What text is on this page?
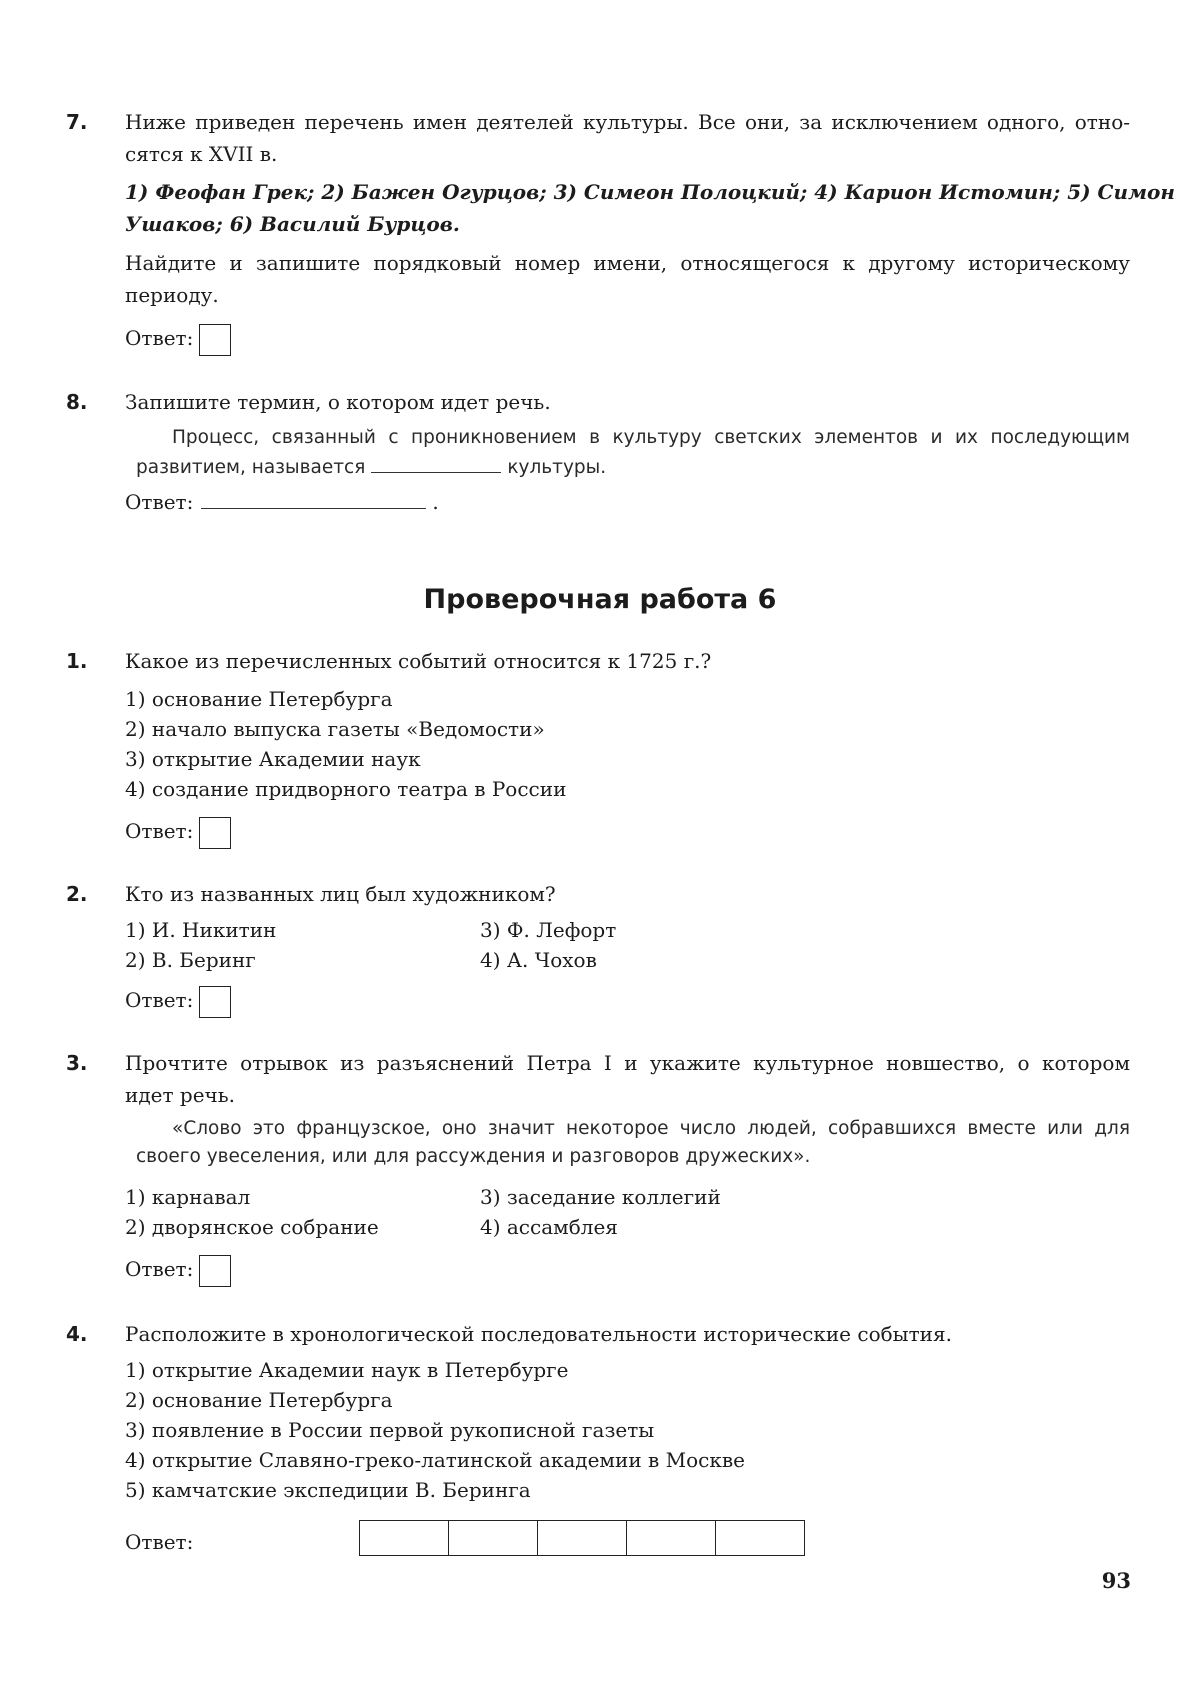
7. Ниже приведен перечень имен деятелей культуры. Все они, за исключением одного, отно-
сятся к XVII в.
1) Феофан Грек; 2) Бажен Огурцов; 3) Симеон Полоцкий; 4) Карион Истомин; 5) Симон
Ушаков; 6) Василий Бурцов.
Найдите и запишите порядковый номер имени, относящегося к другому историческому
периоду.
Ответ:
8. Запишите термин, о котором идет речь.
Процесс, связанный с проникновением в культуру светских элементов и их последующим
развитием, называется	культуры.
Ответ:	.
Проверочная работа 6
1. Какое из перечисленных событий относится к 1725 г.?
1) основание Петербурга
2) начало выпуска газеты «Ведомости»
3) открытие Академии наук
4) создание придворного театра в России
Ответ:
2. Кто из названных лиц был художником?
1) И. Никитин
2) В. Беринг
3) Ф. Лефорт
4) А. Чохов
Ответ:
3. Прочтите отрывок из разъяснений Петра I и укажите культурное новшество, о котором
идет речь.
«Слово это французское, оно значит некоторое число людей, собравшихся вместе или для
своего увеселения, или для рассуждения и разговоров дружеских».
1) карнавал
2) дворянское собрание
3) заседание коллегий
4) ассамблея
Ответ:
4. Расположите в хронологической последовательности исторические события.
1) открытие Академии наук в Петербурге
2) основание Петербурга
3) появление в России первой рукописной газеты
4) открытие Славяно-греко-латинской академии в Москве
5) камчатские экспедиции В. Беринга
Ответ:
93
